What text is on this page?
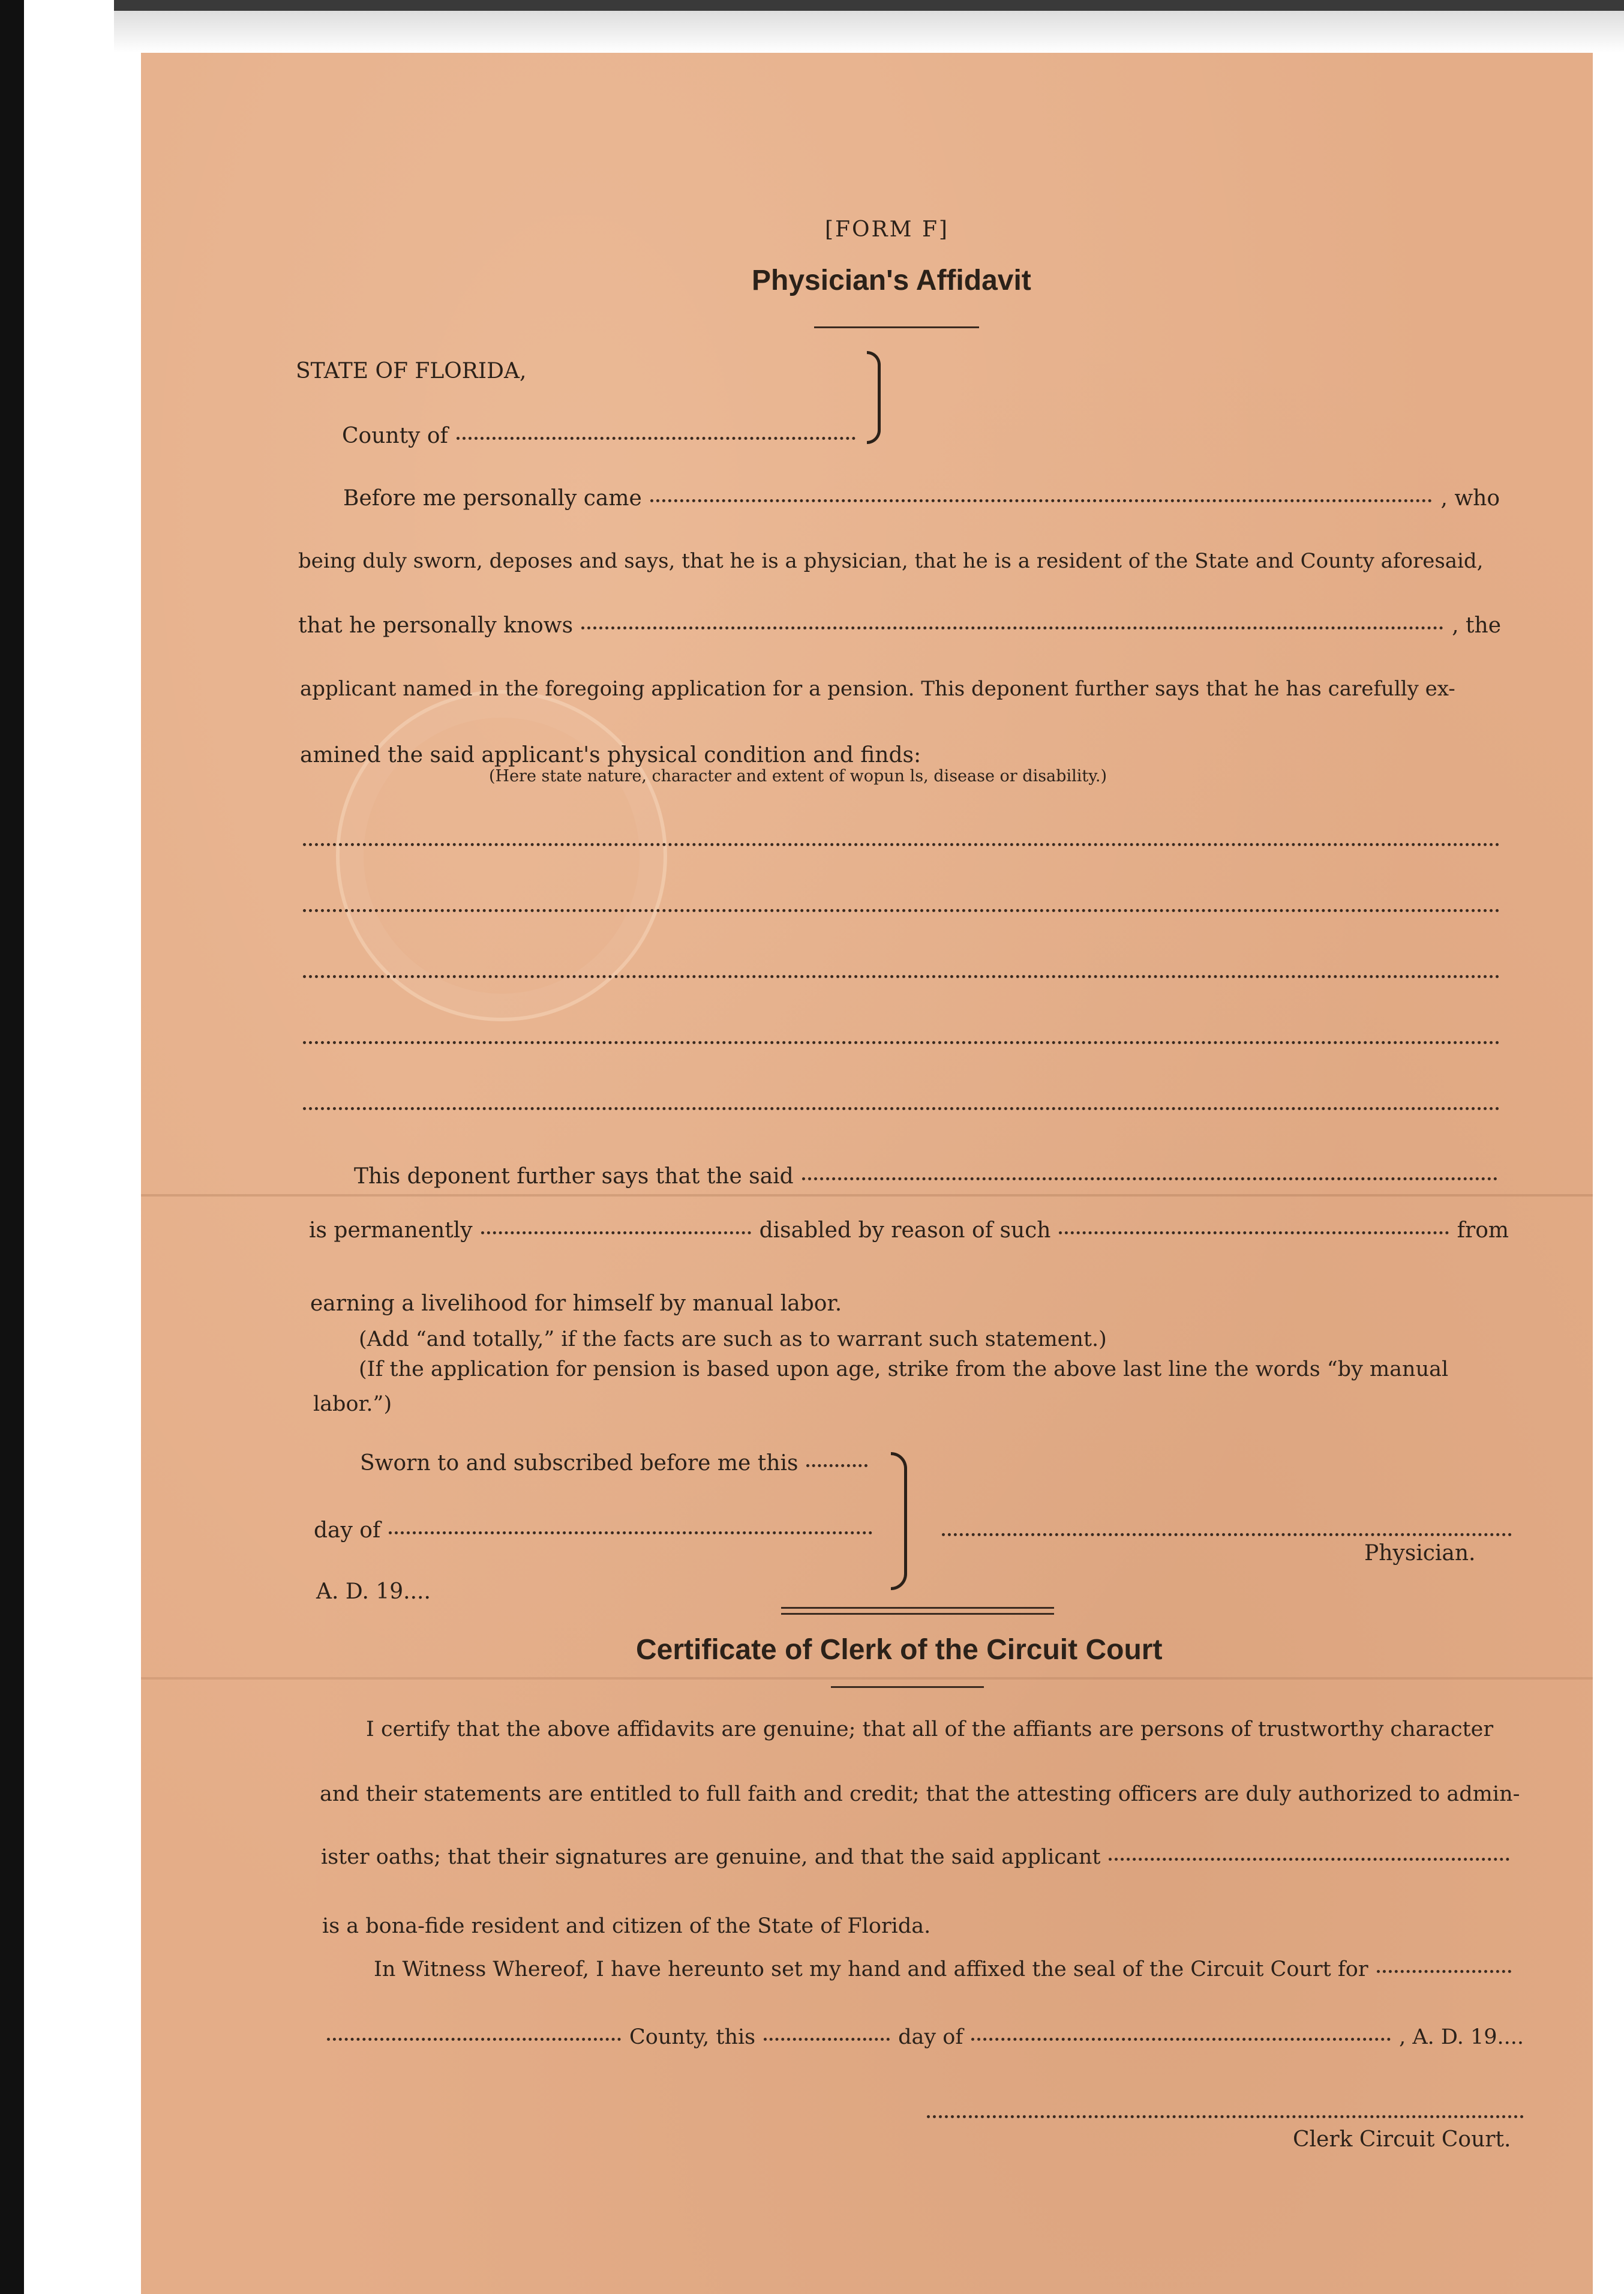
[FORM F]
Physician's Affidavit
STATE OF FLORIDA,
County of
Before me personally came	, who
being duly sworn, deposes and says, that he is a physician, that he is a resident of the State and County aforesaid,
that he personally knows	, the
applicant named in the foregoing application for a pension. This deponent further says that he has carefully ex-
amined the said applicant's physical condition and finds:
(Here state nature, character and extent of wopun ls, disease or disability.)
This deponent further says that the said
is permanently	disabled by reason of such	from
earning a livelihood for himself by manual labor.
(Add “and totally,” if the facts are such as to warrant such statement.)
(If the application for pension is based upon age, strike from the above last line the words “by manual
labor.”)
Sworn to and subscribed before me this
day of
A. D. 19....
Physician.
Certificate of Clerk of the Circuit Court
I certify that the above affidavits are genuine; that all of the affiants are persons of trustworthy character
and their statements are entitled to full faith and credit; that the attesting officers are duly authorized to admin-
ister oaths; that their signatures are genuine, and that the said applicant
is a bona-fide resident and citizen of the State of Florida.
In Witness Whereof, I have hereunto set my hand and affixed the seal of the Circuit Court for
County, this	day of	, A. D. 19....
Clerk Circuit Court.
